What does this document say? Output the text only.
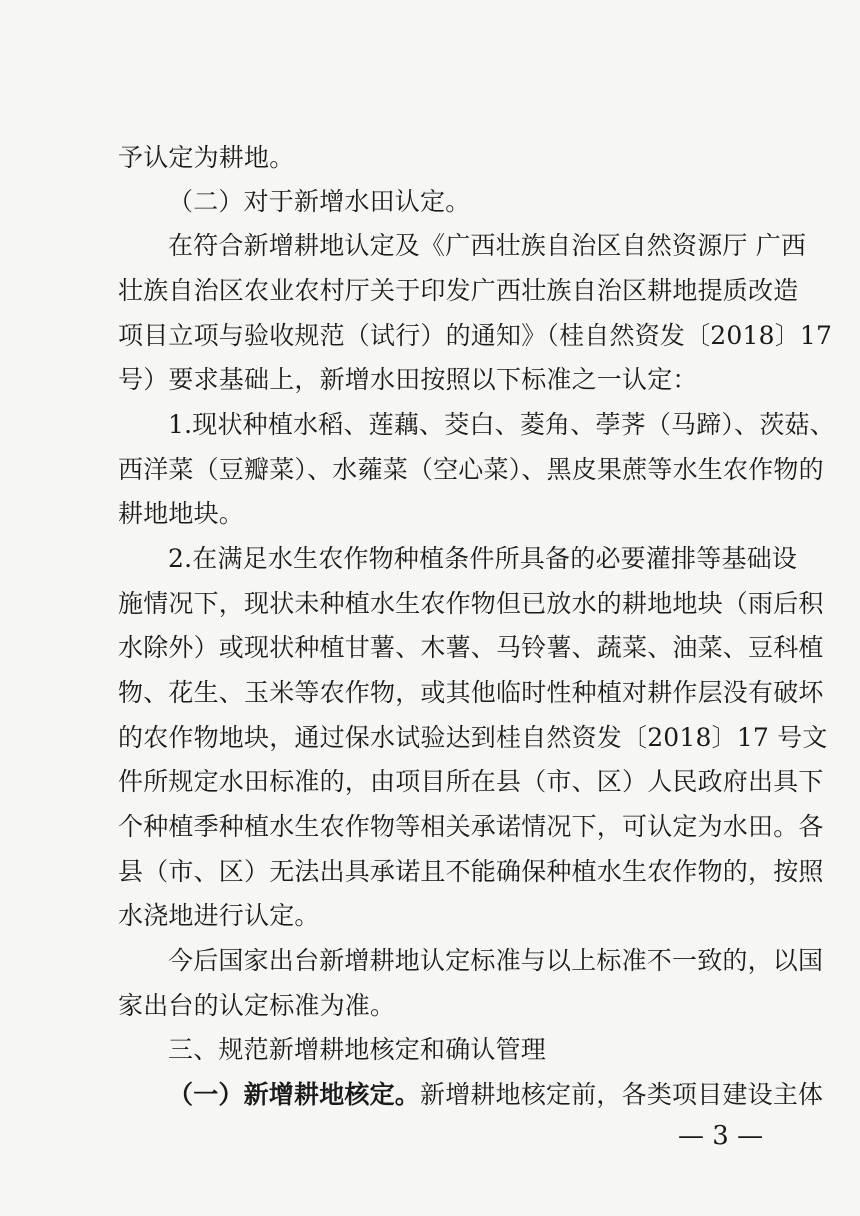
予认定为耕地。
（二）对于新增水田认定。
在符合新增耕地认定及《广西壮族自治区自然资源厅 广西
壮族自治区农业农村厅关于印发广西壮族自治区耕地提质改造
项目立项与验收规范（试行）的通知》（桂自然资发〔2018〕17
号）要求基础上，新增水田按照以下标准之一认定：
1.现状种植水稻、莲藕、茭白、菱角、荸荠（马蹄）、茨菇、
西洋菜（豆瓣菜）、水蕹菜（空心菜）、黑皮果蔗等水生农作物的
耕地地块。
2.在满足水生农作物种植条件所具备的必要灌排等基础设
施情况下，现状未种植水生农作物但已放水的耕地地块（雨后积
水除外）或现状种植甘薯、木薯、马铃薯、蔬菜、油菜、豆科植
物、花生、玉米等农作物，或其他临时性种植对耕作层没有破坏
的农作物地块，通过保水试验达到桂自然资发〔2018〕17 号文
件所规定水田标准的，由项目所在县（市、区）人民政府出具下
个种植季种植水生农作物等相关承诺情况下，可认定为水田。各
县（市、区）无法出具承诺且不能确保种植水生农作物的，按照
水浇地进行认定。
今后国家出台新增耕地认定标准与以上标准不一致的，以国
家出台的认定标准为准。
三、规范新增耕地核定和确认管理
（一）新增耕地核定。新增耕地核定前，各类项目建设主体
— 3 —
